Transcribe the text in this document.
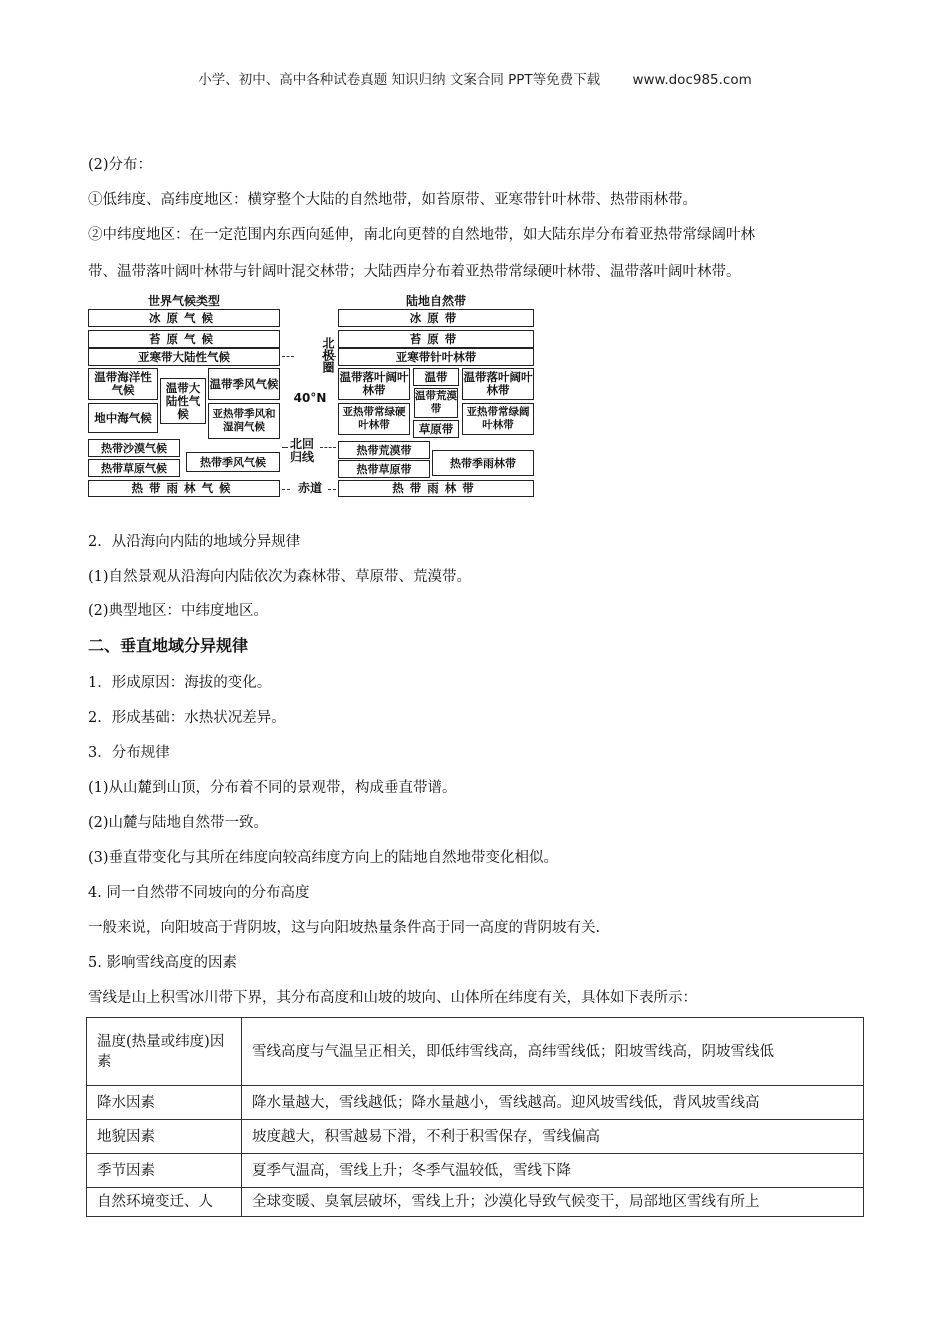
小学、初中、高中各种试卷真题 知识归纳 文案合同 PPT等免费下载 www.doc985.com

(2)分布：

①低纬度、高纬度地区：横穿整个大陆的自然地带，如苔原带、亚寒带针叶林带、热带雨林带。

②中纬度地区：在一定范围内东西向延伸，南北向更替的自然地带，如大陆东岸分布着亚热带常绿阔叶林

带、温带落叶阔叶林带与针阔叶混交林带；大陆西岸分布着亚热带常绿硬叶林带、温带落叶阔叶林带。

世界气候类型	陆地自然带
冰原气候
苔原气候
亚寒带大陆性气候
温带海洋性气候	温带大陆性气候
温带季风气候
地中海气候	亚热带季风和湿润气候
热带沙漠气候
热带草原气候	热带季风气候
热带雨林气候
北极圈
40°N
北回归线
赤道
冰原带
苔原带
亚寒带针叶林带
温带落叶阔叶林带
温带
温带荒漠带
草原带
温带落叶阔叶林带
亚热带常绿硬叶林带
亚热带常绿阔叶林带
热带荒漠带
热带草原带	热带季雨林带
热带雨林带

2．从沿海向内陆的地域分异规律

(1)自然景观从沿海向内陆依次为森林带、草原带、荒漠带。

(2)典型地区：中纬度地区。

二、垂直地域分异规律

1．形成原因：海拔的变化。

2．形成基础：水热状况差异。

3．分布规律

(1)从山麓到山顶，分布着不同的景观带，构成垂直带谱。

(2)山麓与陆地自然带一致。

(3)垂直带变化与其所在纬度向较高纬度方向上的陆地自然地带变化相似。

4. 同一自然带不同坡向的分布高度

一般来说，向阳坡高于背阴坡，这与向阳坡热量条件高于同一高度的背阴坡有关.

5. 影响雪线高度的因素

雪线是山上积雪冰川带下界，其分布高度和山坡的坡向、山体所在纬度有关，具体如下表所示：

温度(热量或纬度)因素	雪线高度与气温呈正相关，即低纬雪线高，高纬雪线低；阳坡雪线高，阴坡雪线低
降水因素	降水量越大，雪线越低；降水量越小，雪线越高。迎风坡雪线低，背风坡雪线高
地貌因素	坡度越大，积雪越易下滑，不利于积雪保存，雪线偏高
季节因素	夏季气温高，雪线上升；冬季气温较低，雪线下降
自然环境变迁、人	全球变暖、臭氧层破坏，雪线上升；沙漠化导致气候变干，局部地区雪线有所上
